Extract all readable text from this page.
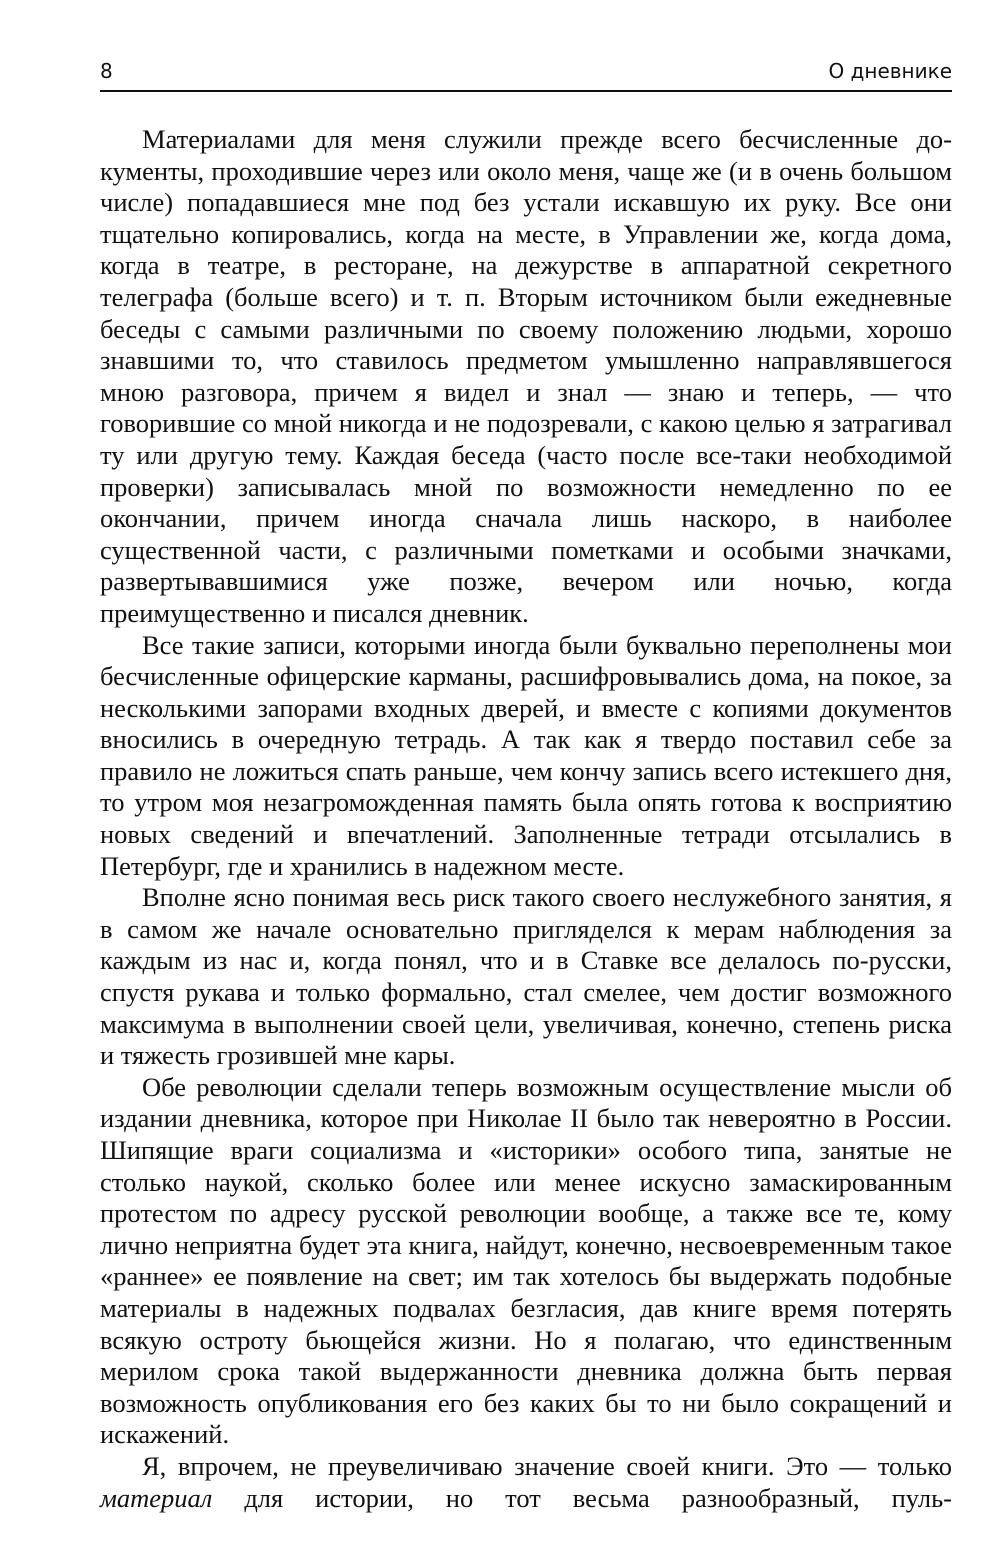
8	О дневнике

Материалами для меня служили прежде всего бесчисленные документы, проходившие через или около меня, чаще же (и в очень большом числе) попадавшиеся мне под без устали искавшую их руку. Все они тщательно копировались, когда на месте, в Управлении же, когда дома, когда в театре, в ресторане, на дежурстве в аппаратной секретного телеграфа (больше всего) и т. п. Вторым источником были ежедневные беседы с самыми различными по своему положению людьми, хорошо знавшими то, что ставилось предметом умышленно направлявшегося мною разговора, причем я видел и знал — знаю и теперь, — что говорившие со мной никогда и не подозревали, с какою целью я затрагивал ту или другую тему. Каждая беседа (часто после все-таки необходимой проверки) записывалась мной по возможности немедленно по ее окончании, причем иногда сначала лишь наскоро, в наиболее существенной части, с различными пометками и особыми значками, развертывавшимися уже позже, вечером или ночью, когда преимущественно и писался дневник.

Все такие записи, которыми иногда были буквально переполнены мои бесчисленные офицерские карманы, расшифровывались дома, на покое, за несколькими запорами входных дверей, и вместе с копиями документов вносились в очередную тетрадь. А так как я твердо поставил себе за правило не ложиться спать раньше, чем кончу запись всего истекшего дня, то утром моя незагроможденная память была опять готова к восприятию новых сведений и впечатлений. Заполненные тетради отсылались в Петербург, где и хранились в надежном месте.

Вполне ясно понимая весь риск такого своего неслужебного занятия, я в самом же начале основательно пригляделся к мерам наблюдения за каждым из нас и, когда понял, что и в Ставке все делалось по-русски, спустя рукава и только формально, стал смелее, чем достиг возможного максимума в выполнении своей цели, увеличивая, конечно, степень риска и тяжесть грозившей мне кары.

Обе революции сделали теперь возможным осуществление мысли об издании дневника, которое при Николае II было так невероятно в России. Шипящие враги социализма и «историки» особого типа, занятые не столько наукой, сколько более или менее искусно замаскированным протестом по адресу русской революции вообще, а также все те, кому лично неприятна будет эта книга, найдут, конечно, несвоевременным такое «раннее» ее появление на свет; им так хотелось бы выдержать подобные материалы в надежных подвалах безгласия, дав книге время потерять всякую остроту бьющейся жизни. Но я полагаю, что единственным мерилом срока такой выдержанности дневника должна быть первая возможность опубликования его без каких бы то ни было сокращений и искажений.

Я, впрочем, не преувеличиваю значение своей книги. Это — только материал для истории, но тот весьма разнообразный, пуль-
